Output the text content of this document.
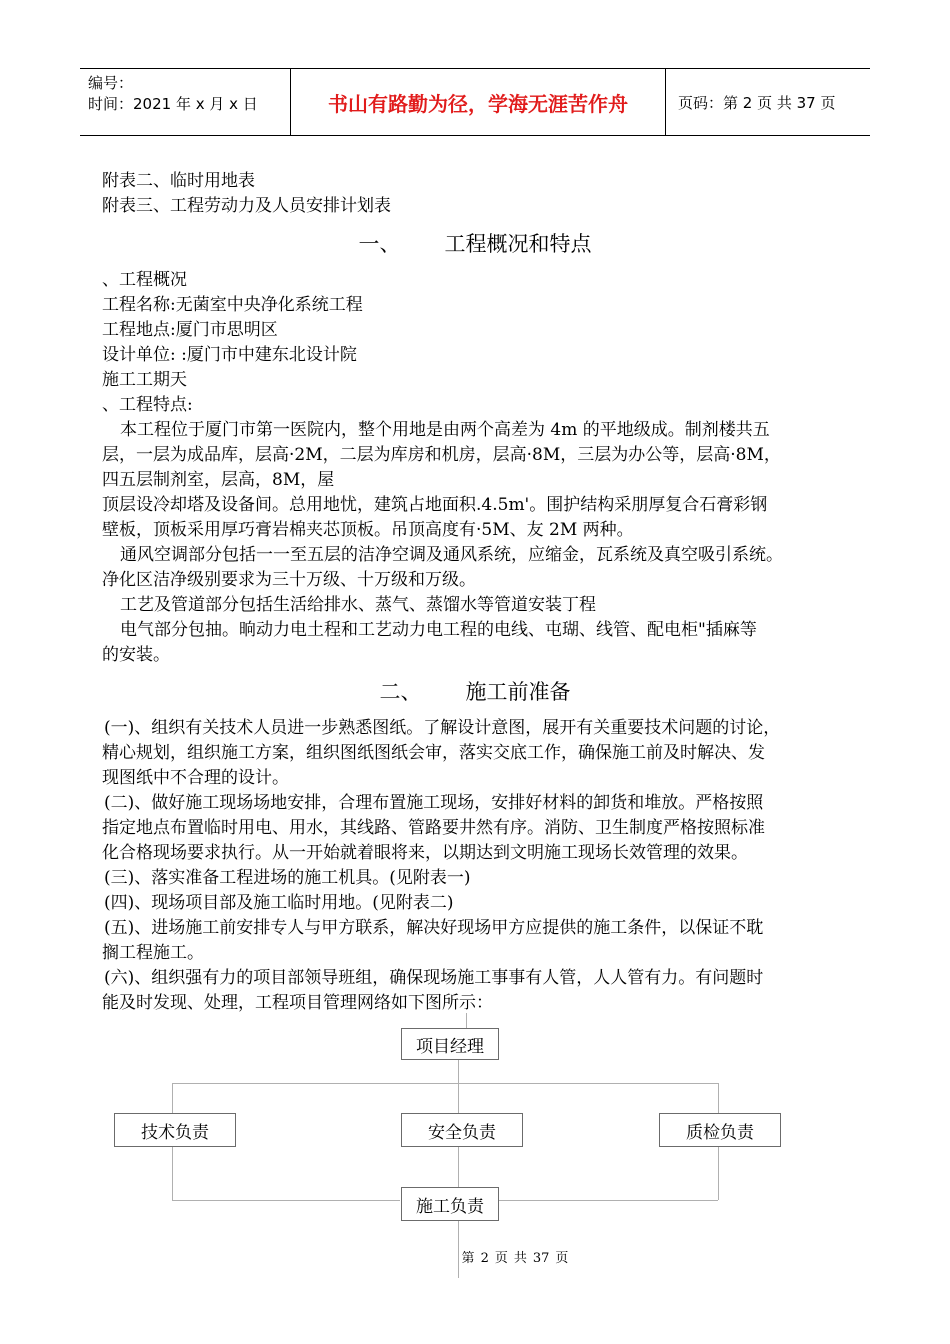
编号：
时间：2021 年 x 月 x 日	书山有路勤为径，学海无涯苦作舟	页码：第 2 页 共 37 页
附表二、临时用地表
附表三、工程劳动力及人员安排计划表
一、 工程概况和特点
、工程概况
工程名称:无菌室中央净化系统工程
工程地点:厦门市思明区
设计单位: :厦门市中建东北设计院
施工工期天
、工程特点:
本工程位于厦门市第一医院内，整个用地是由两个高差为 4m 的平地级成。制剂楼共五
层，一层为成品库，层高·2M，二层为库房和机房，层高·8M，三层为办公等，层高·8M，
四五层制剂室，层高，8M，屋
顶层设冷却塔及设备间。总用地忧，建筑占地面积.4.5m'。围护结构采朋厚复合石膏彩钢
壁板，顶板采用厚巧膏岩棉夹芯顶板。吊顶高度有·5M、友 2M 两种。
通风空调部分包括一一至五层的洁净空调及通风系统，应缩金，瓦系统及真空吸引系统。
净化区洁净级别要求为三十万级、十万级和万级。
工艺及管道部分包括生活给排水、蒸气、蒸馏水等管道安装丁程
电气部分包抽。晌动力电土程和工艺动力电工程的电线、屯瑚、线管、配电柜"插麻等
的安装。
二、 施工前准备
(一)、组织有关技术人员进一步熟悉图纸。了解设计意图，展开有关重要技术问题的讨论，
精心规划，组织施工方案，组织图纸图纸会审，落实交底工作，确保施工前及时解决、发
现图纸中不合理的设计。
(二)、做好施工现场场地安排，合理布置施工现场，安排好材料的卸货和堆放。严格按照
指定地点布置临时用电、用水，其线路、管路要井然有序。消防、卫生制度严格按照标准
化合格现场要求执行。从一开始就着眼将来，以期达到文明施工现场长效管理的效果。
(三)、落实准备工程进场的施工机具。(见附表一)
(四)、现场项目部及施工临时用地。(见附表二)
(五)、进场施工前安排专人与甲方联系，解决好现场甲方应提供的施工条件，以保证不耽
搁工程施工。
(六)、组织强有力的项目部领导班组，确保现场施工事事有人管，人人管有力。有问题时
能及时发现、处理，工程项目管理网络如下图所示：
项目经理
技术负责	安全负责	质检负责
施工负责
第 2 页 共 37 页
